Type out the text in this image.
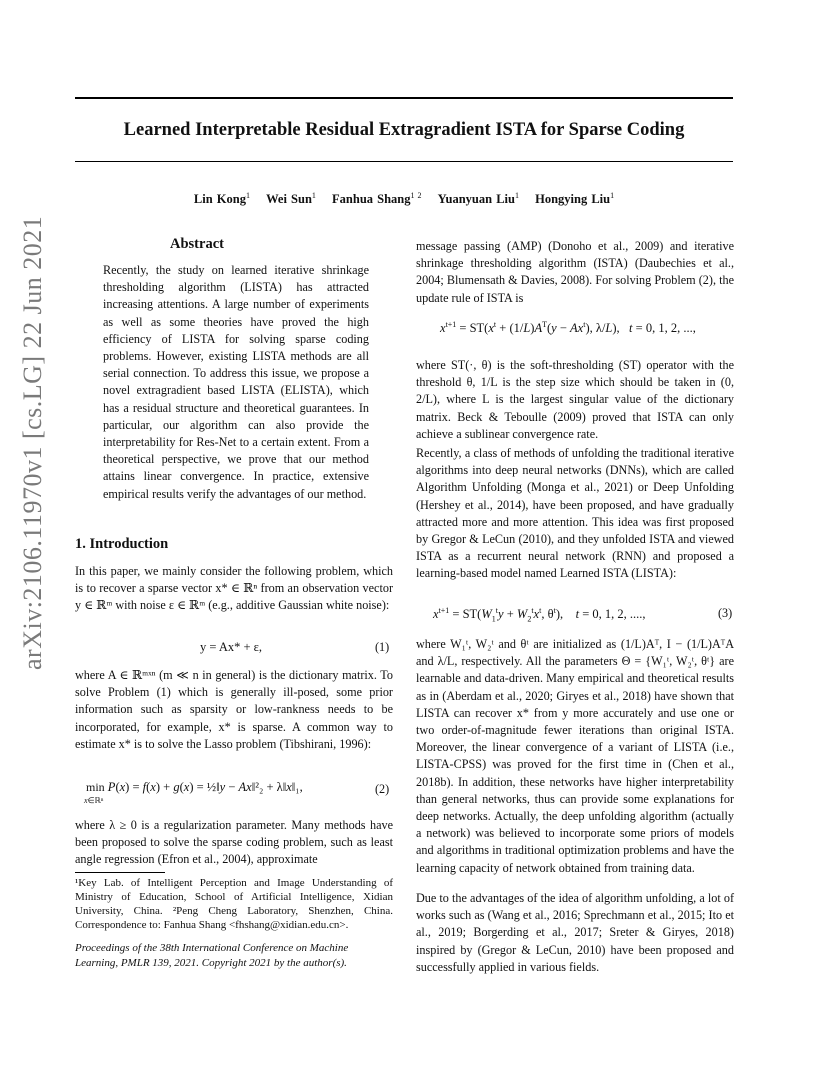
Learned Interpretable Residual Extragradient ISTA for Sparse Coding
Lin Kong$^1$ Wei Sun$^1$ Fanhua Shang$^{1 2}$ Yuanyuan Liu$^1$ Hongying Liu$^1$
arXiv:2106.11970v1 [cs.LG] 22 Jun 2021	Abstract
Recently, the study on learned iterative shrinkage thresholding algorithm (LISTA) has attracted increasing attentions. A large number of experiments as well as some theories have proved the high efficiency of LISTA for solving sparse coding problems. However, existing LISTA methods are all serial connection. To address this issue, we propose a novel extragradient based LISTA (ELISTA), which has a residual structure and theoretical guarantees. In particular, our algorithm can also provide the interpretability for Res-Net to a certain extent. From a theoretical perspective, we prove that our method attains linear convergence. In practice, extensive empirical results verify the advantages of our method.
1. Introduction
In this paper, we mainly consider the following problem, which is to recover a sparse vector x* ∈ ℝⁿ from an observation vector y ∈ ℝᵐ with noise ε ∈ ℝᵐ (e.g., additive Gaussian white noise):
y = Ax* + ε,	(1)
where A ∈ ℝᵐˣⁿ (m ≪ n in general) is the dictionary matrix. To solve Problem (1) which is generally ill-posed, some prior information such as sparsity or low-rankness needs to be incorporated, for example, x* is sparse. A common way to estimate x* is to solve the Lasso problem (Tibshirani, 1996):
min P(x) = f(x) + g(x) = ½‖y − Ax‖²₂ + λ‖x‖₁,
x∈ℝⁿ
(2)
where λ ≥ 0 is a regularization parameter. Many methods have been proposed to solve the sparse coding problem, such as least angle regression (Efron et al., 2004), approximate
¹Key Lab. of Intelligent Perception and Image Understanding of Ministry of Education, School of Artificial Intelligence, Xidian University, China. ²Peng Cheng Laboratory, Shenzhen, China. Correspondence to: Fanhua Shang <fhshang@xidian.edu.cn>.
Proceedings of the 38th International Conference on Machine Learning, PMLR 139, 2021. Copyright 2021 by the author(s).
message passing (AMP) (Donoho et al., 2009) and iterative shrinkage thresholding algorithm (ISTA) (Daubechies et al., 2004; Blumensath & Davies, 2008). For solving Problem (2), the update rule of ISTA is
$x^{t+1} = ST(x^t + (1/L)A^T(y - Ax^t)$, λ/L),   t = 0, 1, 2, ...,
where ST(·, θ) is the soft-thresholding (ST) operator with the threshold θ, 1/L is the step size which should be taken in (0, 2/L), where L is the largest singular value of the dictionary matrix. Beck & Teboulle (2009) proved that ISTA can only achieve a sublinear convergence rate.
Recently, a class of methods of unfolding the traditional iterative algorithms into deep neural networks (DNNs), which are called Algorithm Unfolding (Monga et al., 2021) or Deep Unfolding (Hershey et al., 2014), have been proposed, and have gradually attracted more and more attention. This idea was first proposed by Gregor & LeCun (2010), and they unfolded ISTA and viewed ISTA as a recurrent neural network (RNN) and proposed a learning-based model named Learned ISTA (LISTA):
$x^{t+1} = ST(W_1^ty + W_2^tx^t$, $\theta^t$),    t = 0, 1, 2, ....,	(3)
where W₁ᵗ, W₂ᵗ and θᵗ are initialized as (1/L)Aᵀ, I − (1/L)AᵀA and λ/L, respectively. All the parameters Θ = {W₁ᵗ, W₂ᵗ, θᵗ} are learnable and data-driven. Many empirical and theoretical results as in (Aberdam et al., 2020; Giryes et al., 2018) have shown that LISTA can recover x* from y more accurately and use one or two order-of-magnitude fewer iterations than original ISTA. Moreover, the linear convergence of a variant of LISTA (i.e., LISTA-CPSS) was proved for the first time in (Chen et al., 2018b). In addition, these networks have higher interpretability than general networks, thus can provide some explanations for deep networks. Actually, the deep unfolding algorithm (actually a network) was believed to incorporate some priors of models and algorithms in traditional optimization problems and have the learning capacity of network obtained from training data.
Due to the advantages of the idea of algorithm unfolding, a lot of works such as (Wang et al., 2016; Sprechmann et al., 2015; Ito et al., 2019; Borgerding et al., 2017; Sreter & Giryes, 2018) inspired by (Gregor & LeCun, 2010) have been proposed and successfully applied in various fields.
